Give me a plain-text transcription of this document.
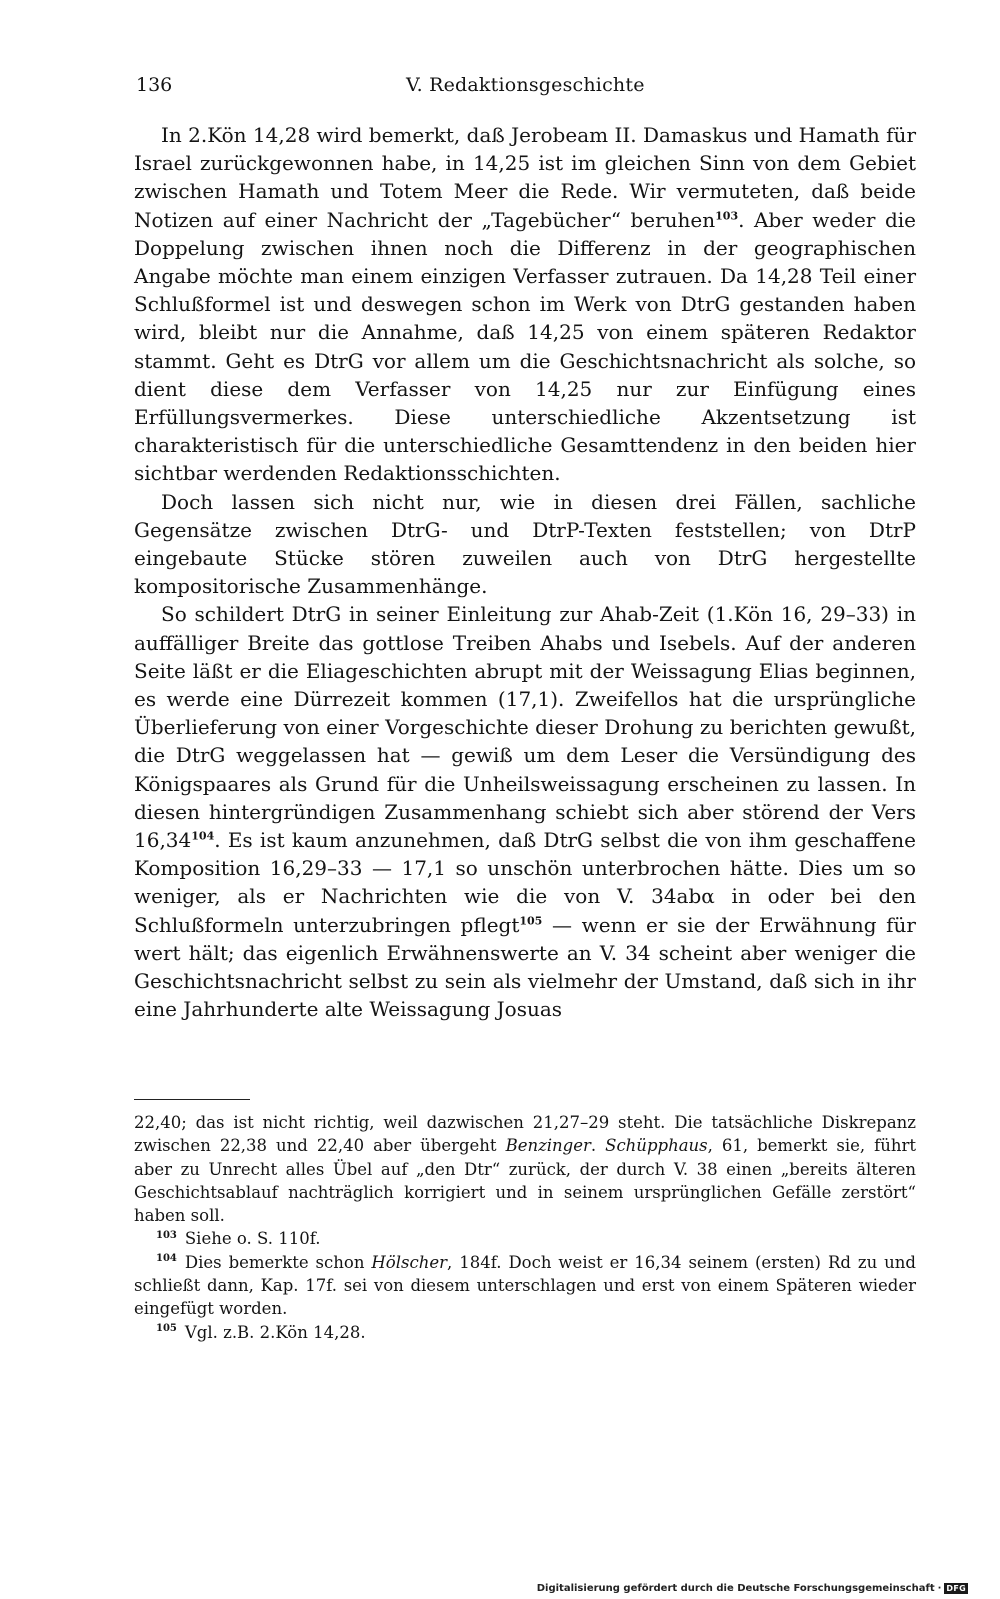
136	V. Redaktionsgeschichte

In 2.Kön 14,28 wird bemerkt, daß Jerobeam II. Damaskus und Hamath für Israel zurückgewonnen habe, in 14,25 ist im gleichen Sinn von dem Gebiet zwischen Hamath und Totem Meer die Rede. Wir vermuteten, daß beide Notizen auf einer Nachricht der „Tagebücher“ beruhen$^{103}$. Aber weder die Doppelung zwischen ihnen noch die Differenz in der geographischen Angabe möchte man einem einzigen Verfasser zutrauen. Da 14,28 Teil einer Schlußformel ist und deswegen schon im Werk von DtrG gestanden haben wird, bleibt nur die Annahme, daß 14,25 von einem späteren Redaktor stammt. Geht es DtrG vor allem um die Geschichtsnachricht als solche, so dient diese dem Verfasser von 14,25 nur zur Einfügung eines Erfüllungsvermerkes. Diese unterschiedliche Akzentsetzung ist charakteristisch für die unterschiedliche Gesamttendenz in den beiden hier sichtbar werdenden Redaktionsschichten.

Doch lassen sich nicht nur, wie in diesen drei Fällen, sachliche Gegensätze zwischen DtrG- und DtrP-Texten feststellen; von DtrP eingebaute Stücke stören zuweilen auch von DtrG hergestellte kompositorische Zusammenhänge.

So schildert DtrG in seiner Einleitung zur Ahab-Zeit (1.Kön 16, 29–33) in auffälliger Breite das gottlose Treiben Ahabs und Isebels. Auf der anderen Seite läßt er die Eliageschichten abrupt mit der Weissagung Elias beginnen, es werde eine Dürrezeit kommen (17,1). Zweifellos hat die ursprüngliche Überlieferung von einer Vorgeschichte dieser Drohung zu berichten gewußt, die DtrG weggelassen hat — gewiß um dem Leser die Versündigung des Königspaares als Grund für die Unheilsweissagung erscheinen zu lassen. In diesen hintergründigen Zusammenhang schiebt sich aber störend der Vers 16,34$^{104}$. Es ist kaum anzunehmen, daß DtrG selbst die von ihm geschaffene Komposition 16,29–33 — 17,1 so unschön unterbrochen hätte. Dies um so weniger, als er Nachrichten wie die von V. 34abα in oder bei den Schlußformeln unterzubringen pflegt$^{105}$ — wenn er sie der Erwähnung für wert hält; das eigenlich Erwähnenswerte an V. 34 scheint aber weniger die Geschichtsnachricht selbst zu sein als vielmehr der Umstand, daß sich in ihr eine Jahrhunderte alte Weissagung Josuas

22,40; das ist nicht richtig, weil dazwischen 21,27–29 steht. Die tatsächliche Diskrepanz zwischen 22,38 und 22,40 aber übergeht Benzinger. Schüpphaus, 61, bemerkt sie, führt aber zu Unrecht alles Übel auf „den Dtr“ zurück, der durch V. 38 einen „bereits älteren Geschichtsablauf nachträglich korrigiert und in seinem ursprünglichen Gefälle zerstört“ haben soll.

$^{103}$ Siehe o. S. 110f.

$^{104}$ Dies bemerkte schon Hölscher, 184f. Doch weist er 16,34 seinem (ersten) Rd zu und schließt dann, Kap. 17f. sei von diesem unterschlagen und erst von einem Späteren wieder eingefügt worden.

$^{105}$ Vgl. z.B. 2.Kön 14,28.

Digitalisierung gefördert durch die Deutsche Forschungsgemeinschaft · DFG
